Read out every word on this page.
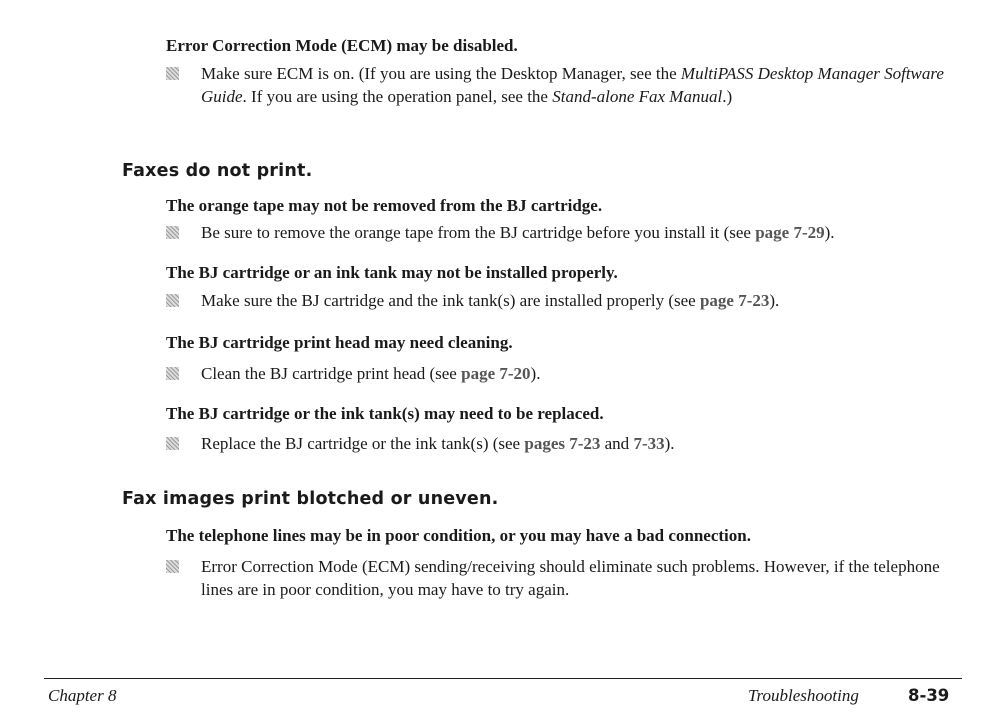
Error Correction Mode (ECM) may be disabled.

Make sure ECM is on. (If you are using the Desktop Manager, see the MultiPASS Desktop Manager Software Guide. If you are using the operation panel, see the Stand-alone Fax Manual.)
Faxes do not print.

The orange tape may not be removed from the BJ cartridge.

Be sure to remove the orange tape from the BJ cartridge before you install it (see page 7-29).

The BJ cartridge or an ink tank may not be installed properly.

Make sure the BJ cartridge and the ink tank(s) are installed properly (see page 7-23).

The BJ cartridge print head may need cleaning.

Clean the BJ cartridge print head (see page 7-20).

The BJ cartridge or the ink tank(s) may need to be replaced.

Replace the BJ cartridge or the ink tank(s) (see pages 7-23 and 7-33).
Fax images print blotched or uneven.

The telephone lines may be in poor condition, or you may have a bad connection.

Error Correction Mode (ECM) sending/receiving should eliminate such problems. However, if the telephone lines are in poor condition, you may have to try again.
Chapter 8	Troubleshooting	8-39
